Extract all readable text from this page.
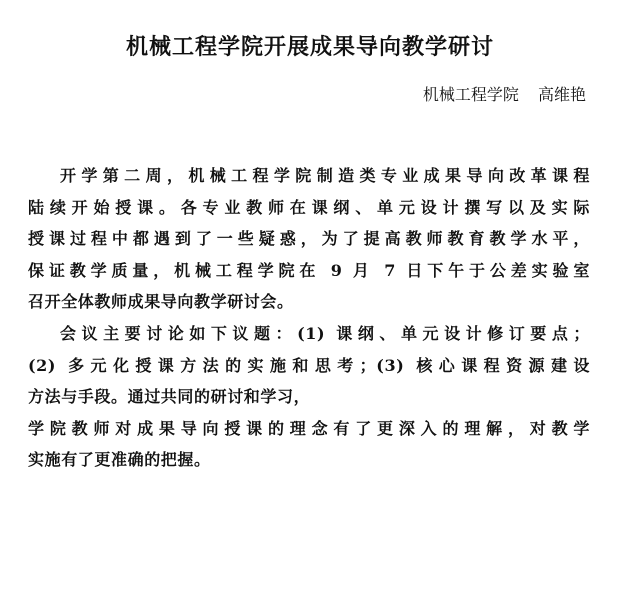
机械工程学院开展成果导向教学研讨
机械工程学院 高维艳
开学第二周，机械工程学院制造类专业成果导向改革课程
陆续开始授课。各专业教师在课纲、单元设计撰写以及实际
授课过程中都遇到了一些疑惑，为了提高教师教育教学水平，
保证教学质量，机械工程学院在 9 月 7 日下午于公差实验室
召开全体教师成果导向教学研讨会。
会议主要讨论如下议题：(1) 课纲、单元设计修订要点；
(2) 多元化授课方法的实施和思考；(3) 核心课程资源建设
方法与手段。通过共同的研讨和学习，
学院教师对成果导向授课的理念有了更深入的理解，对教学
实施有了更准确的把握。
